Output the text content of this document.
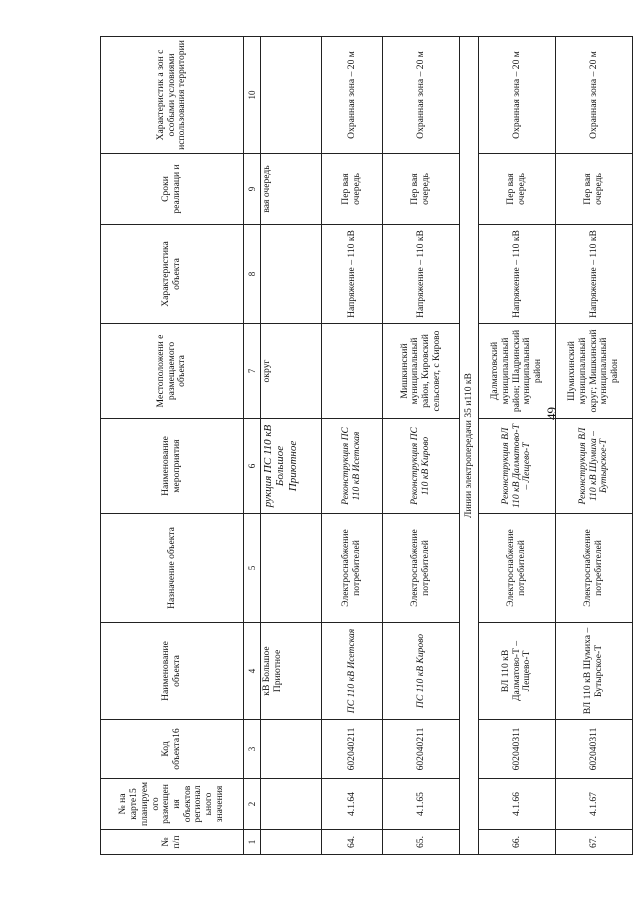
49
№ п/п	№ на карте15 планируем ого размещен ия объектов регионал ьного значения	Код объекта16	Наименование объекта	Назначение объекта	Наименование мероприятия	Местоположени е размещаемого объекта	Характеристика объекта	Сроки реализаци и	Характеристик а зон с особыми условиями использования территории
1	2	3	4	5	6	7	8	9	10
			кВ Большое Приютное		рукция ПС 110 кВ Большое Приютное	округ		вая очередь	
64.	4.1.64	602040211	ПС 110 кВ Исетская	Электроснабжение потребителей	Реконструкция ПС 110 кВ Исетская		Напряжение – 110 кВ	Пер вая очередь	Охранная зона – 20 м
65.	4.1.65	602040211	ПС 110 кВ Кирово	Электроснабжение потребителей	Реконструкция ПС 110 кВ Кирово	Мишкинский муниципальный район, Кировский сельсовет, с Кирово	Напряжение – 110 кВ	Пер вая очередь	Охранная зона – 20 м
Линии электропередачи 35 и110 кВ									
66.	4.1.66	602040311	ВЛ 110 кВ Далматово-Т – Лещево-Т	Электроснабжение потребителей	Реконструкция ВЛ 110 кВ Далматово-Т – Лещево-Т	Далматовский муниципальный район; Шадринский муниципальный район	Напряжение – 110 кВ	Пер вая очередь	Охранная зона – 20 м
67.	4.1.67	602040311	ВЛ 110 кВ Шумиха – Бутырское-Т	Электроснабжение потребителей	Реконструкция ВЛ 110 кВ Шумиха – Бутырское-Т	Шумихинский муниципальный округ; Мишкинский муниципальный район	Напряжение – 110 кВ	Пер вая очередь	Охранная зона – 20 м
